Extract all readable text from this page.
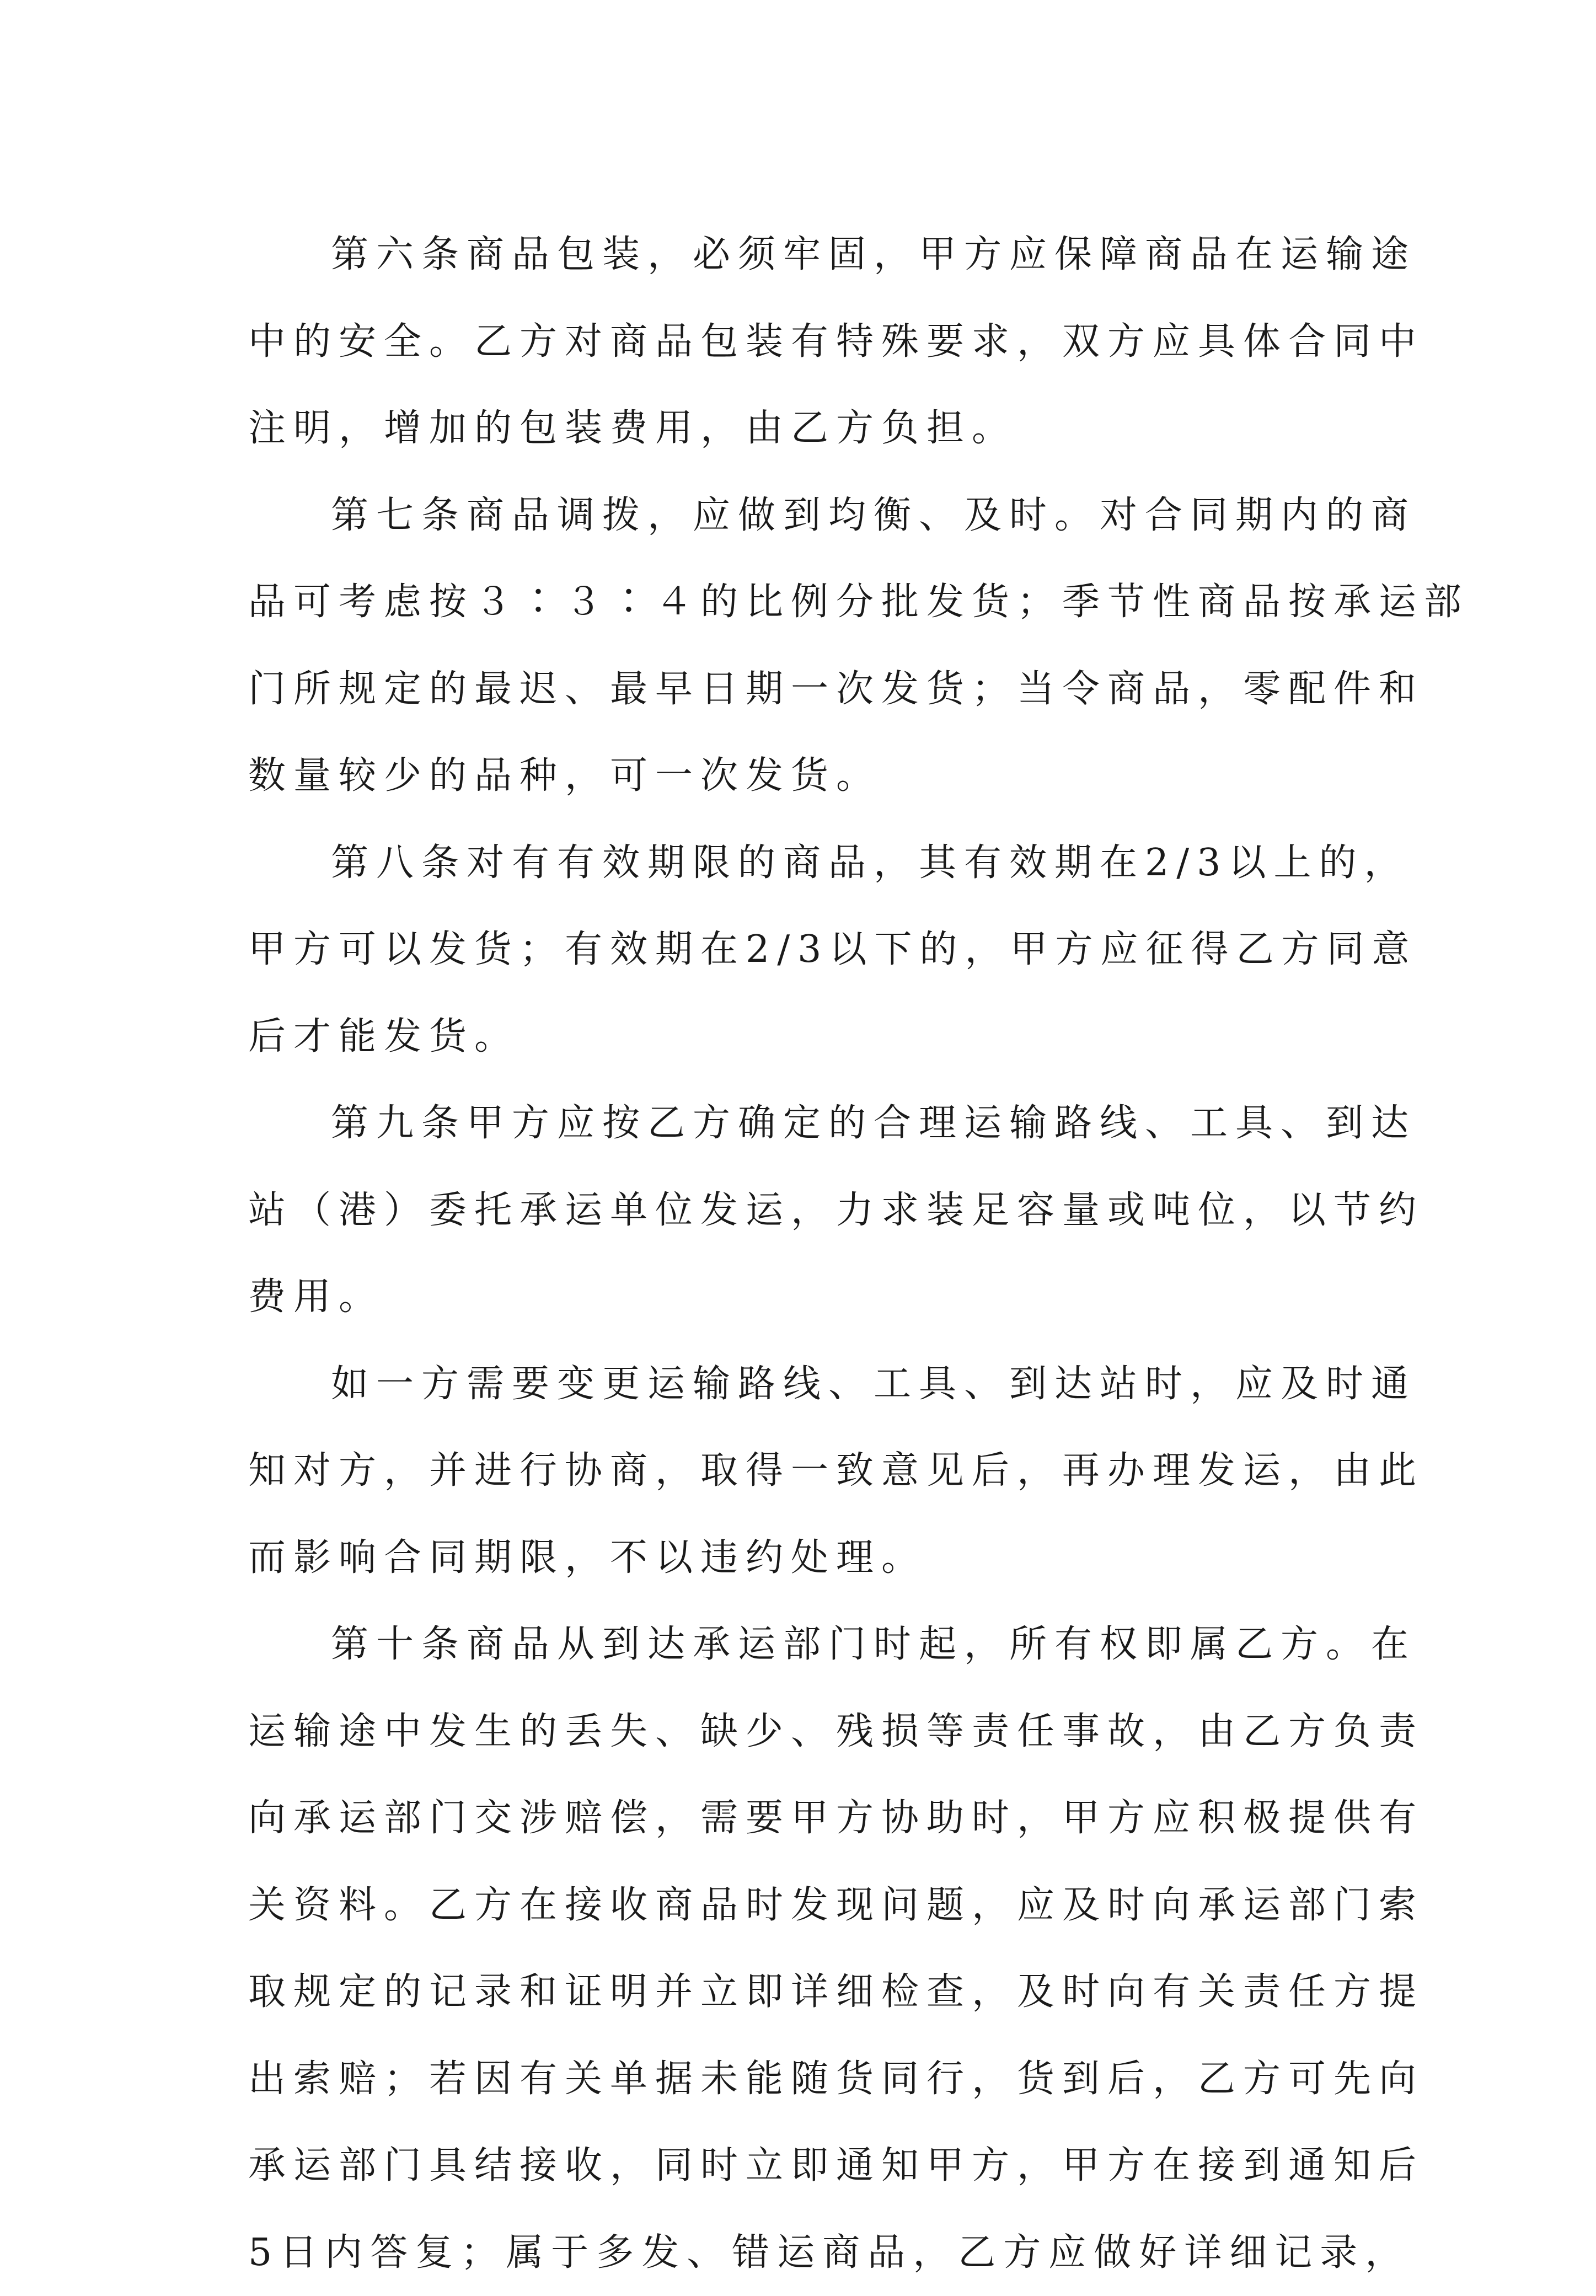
第六条商品包装，必须牢固，甲方应保障商品在运输途
中的安全。乙方对商品包装有特殊要求，双方应具体合同中
注明，增加的包装费用，由乙方负担。
第七条商品调拨，应做到均衡、及时。对合同期内的商
品可考虑按３∶３∶４的比例分批发货；季节性商品按承运部
门所规定的最迟、最早日期一次发货；当令商品，零配件和
数量较少的品种，可一次发货。
第八条对有有效期限的商品，其有效期在2/3以上的，
甲方可以发货；有效期在2/3以下的，甲方应征得乙方同意
后才能发货。
第九条甲方应按乙方确定的合理运输路线、工具、到达
站（港）委托承运单位发运，力求装足容量或吨位，以节约
费用。
如一方需要变更运输路线、工具、到达站时，应及时通
知对方，并进行协商，取得一致意见后，再办理发运，由此
而影响合同期限，不以违约处理。
第十条商品从到达承运部门时起，所有权即属乙方。在
运输途中发生的丢失、缺少、残损等责任事故，由乙方负责
向承运部门交涉赔偿，需要甲方协助时，甲方应积极提供有
关资料。乙方在接收商品时发现问题，应及时向承运部门索
取规定的记录和证明并立即详细检查，及时向有关责任方提
出索赔；若因有关单据未能随货同行，货到后，乙方可先向
承运部门具结接收，同时立即通知甲方，甲方在接到通知后
5日内答复；属于多发、错运商品，乙方应做好详细记录，
